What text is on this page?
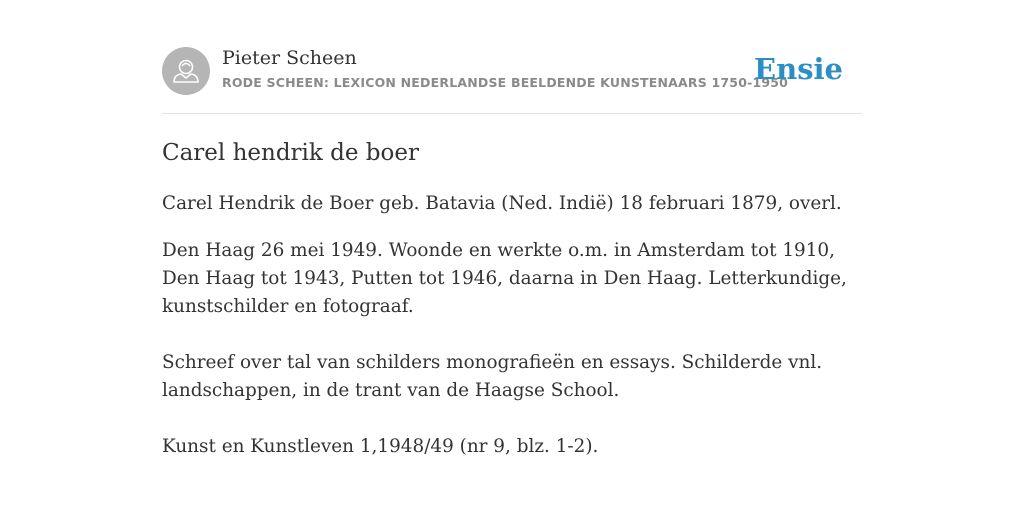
Pieter Scheen
RODE SCHEEN: LEXICON NEDERLANDSE BEELDENDE KUNSTENAARS 1750-1950
Ensie
Carel hendrik de boer

Carel Hendrik de Boer geb. Batavia (Ned. Indië) 18 februari 1879, overl.

Den Haag 26 mei 1949. Woonde en werkte o.m. in Amsterdam tot 1910, Den Haag tot 1943, Putten tot 1946, daarna in Den Haag. Letterkundige, kunstschilder en fotograaf.

Schreef over tal van schilders monografieën en essays. Schilderde vnl. landschappen, in de trant van de Haagse School.

Kunst en Kunstleven 1,1948/49 (nr 9, blz. 1-2).
